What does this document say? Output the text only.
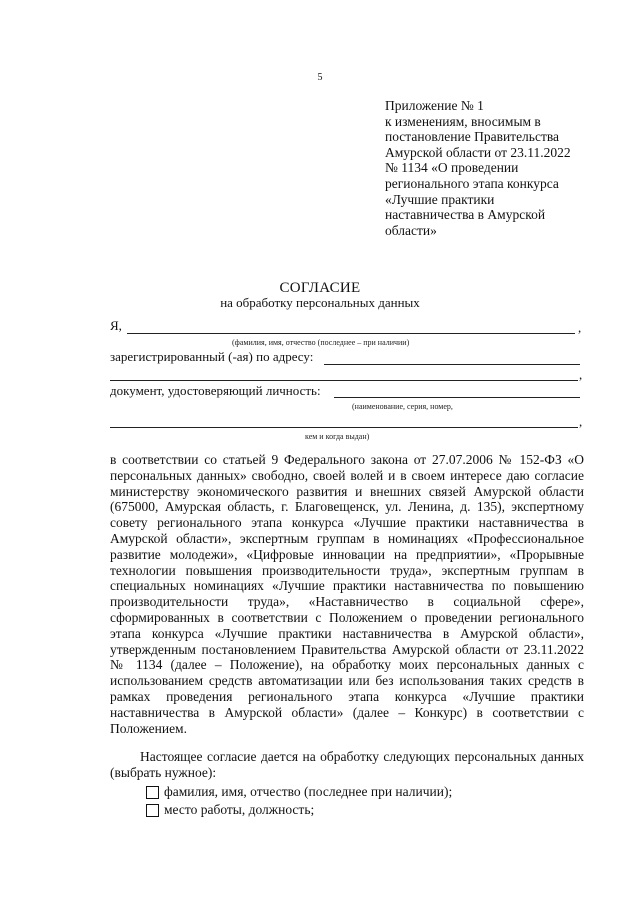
5
Приложение № 1
к изменениям, вносимым в
постановление Правительства
Амурской области от 23.11.2022
№ 1134 «О проведении
регионального этапа конкурса
«Лучшие практики
наставничества в Амурской
области»
СОГЛАСИЕ
на обработку персональных данных
Я,	,
(фамилия, имя, отчество (последнее – при наличии)
зарегистрированный (-ая) по адресу:
,
документ, удостоверяющий личность:
(наименование, серия, номер,
,
кем и когда выдан)

в соответствии со статьей 9 Федерального закона от 27.07.2006 № 152-ФЗ «О персональных данных» свободно, своей волей и в своем интересе даю согласие министерству экономического развития и внешних связей Амурской области (675000, Амурская область, г. Благовещенск, ул. Ленина, д. 135), экспертному совету регионального этапа конкурса «Лучшие практики наставничества в Амурской области», экспертным группам в номинациях «Профессиональное развитие молодежи», «Цифровые инновации на предприятии», «Прорывные технологии повышения производительности труда», экспертным группам в специальных номинациях «Лучшие практики наставничества по повышению производительности труда», «Наставничество в социальной сфере», сформированных в соответствии с Положением о проведении регионального этапа конкурса «Лучшие практики наставничества в Амурской области», утвержденным постановлением Правительства Амурской области от 23.11.2022 № 1134 (далее – Положение), на обработку моих персональных данных с использованием средств автоматизации или без использования таких средств в рамках проведения регионального этапа конкурса «Лучшие практики наставничества в Амурской области» (далее – Конкурс) в соответствии с Положением.

Настоящее согласие дается на обработку следующих персональных данных (выбрать нужное):
фамилия, имя, отчество (последнее при наличии);
место работы, должность;
